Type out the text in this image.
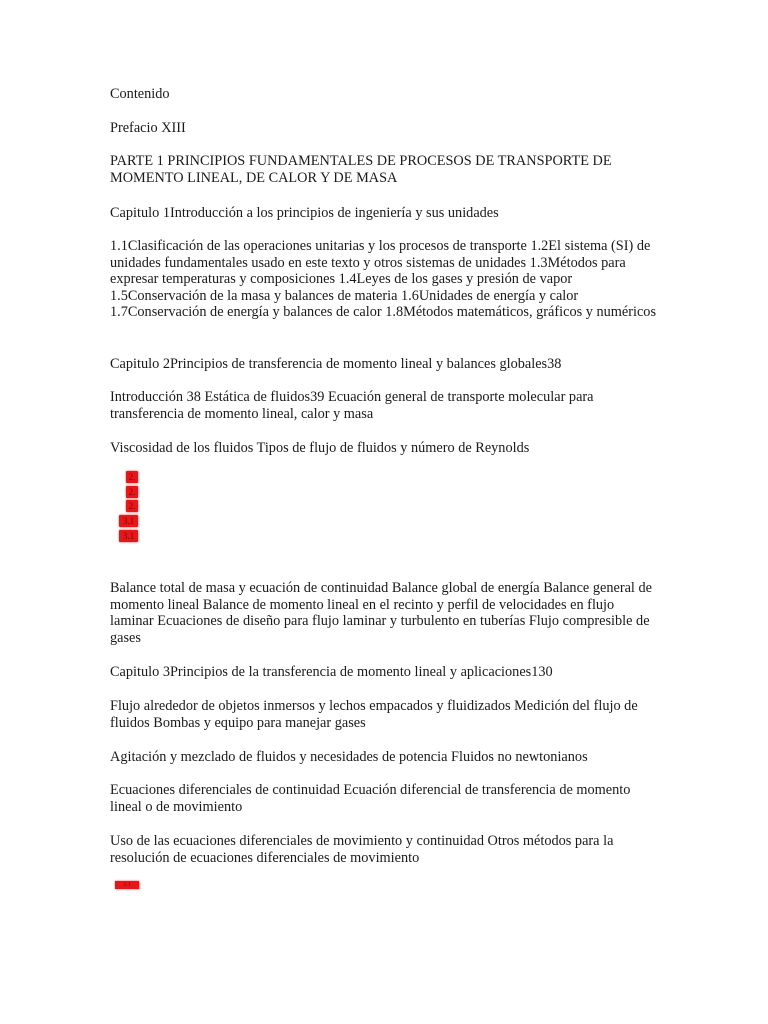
Contenido

Prefacio XIII

PARTE 1 PRINCIPIOS FUNDAMENTALES DE PROCESOS DE TRANSPORTE DE MOMENTO LINEAL, DE CALOR Y DE MASA

Capitulo 1Introducción a los principios de ingeniería y sus unidades

1.1Clasificación de las operaciones unitarias y los procesos de transporte 1.2El sistema (SI) de unidades fundamentales usado en este texto y otros sistemas de unidades 1.3Métodos para expresar temperaturas y composiciones 1.4Leyes de los gases y presión de vapor 1.5Conservación de la masa y balances de materia 1.6Unidades de energía y calor 1.7Conservación de energía y balances de calor 1.8Métodos matemáticos, gráficos y numéricos

Capitulo 2Principios de transferencia de momento lineal y balances globales38

Introducción 38 Estática de fluidos39 Ecuación general de transporte molecular para transferencia de momento lineal, calor y masa

Viscosidad de los fluidos Tipos de flujo de fluidos y número de Reynolds

2.
2.
2.
3.1
3.1

Balance total de masa y ecuación de continuidad Balance global de energía Balance general de momento lineal Balance de momento lineal en el recinto y perfil de velocidades en flujo laminar Ecuaciones de diseño para flujo laminar y turbulento en tuberías Flujo compresible de gases

Capitulo 3Principios de la transferencia de momento lineal y aplicaciones130

Flujo alrededor de objetos inmersos y lechos empacados y fluidizados Medición del flujo de fluidos Bombas y equipo para manejar gases

Agitación y mezclado de fluidos y necesidades de potencia Fluidos no newtonianos

Ecuaciones diferenciales de continuidad Ecuación diferencial de transferencia de momento lineal o de movimiento

Uso de las ecuaciones diferenciales de movimiento y continuidad Otros métodos para la resolución de ecuaciones diferenciales de movimiento

3.1
